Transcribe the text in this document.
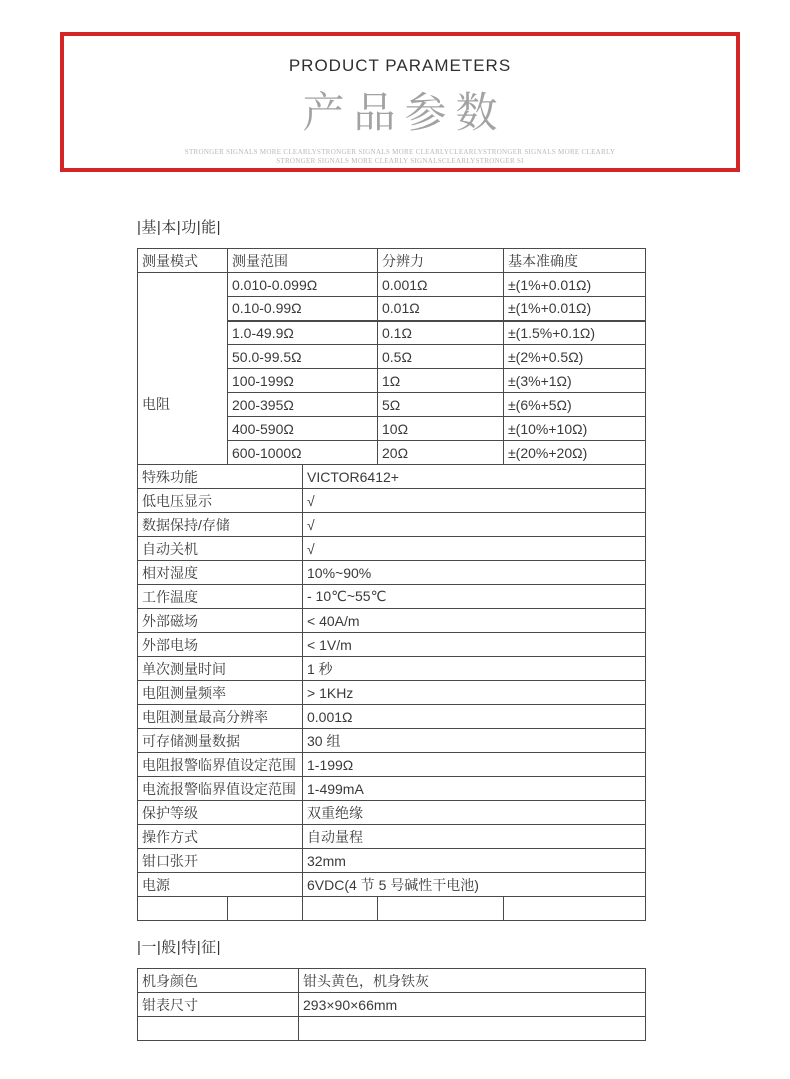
PRODUCT PARAMETERS
产品参数
STRONGER SIGNALS MORE CLEARLYSTRONGER SIGNALS MORE CLEARLYCLEARLYSTRONGER SIGNALS MORE CLEARLY
STRONGER SIGNALS MORE CLEARLY SIGNALSCLEARLYSTRONGER SI
|基|本|功|能|
测量模式	测量范围		分辨力	基本准确度
电阻	0.010-0.099Ω		0.001Ω	±(1%+0.01Ω)
	0.10-0.99Ω		0.01Ω	±(1%+0.01Ω)
	1.0-49.9Ω		0.1Ω	±(1.5%+0.1Ω)
	50.0-99.5Ω		0.5Ω	±(2%+0.5Ω)
	100-199Ω		1Ω	±(3%+1Ω)
	200-395Ω		5Ω	±(6%+5Ω)
	400-590Ω		10Ω	±(10%+10Ω)
	600-1000Ω		20Ω	±(20%+20Ω)
特殊功能		VICTOR6412+		
低电压显示		√		
数据保持/存储		√		
自动关机		√		
相对湿度		10%~90%		
工作温度		- 10℃~55℃		
外部磁场		< 40A/m		
外部电场		< 1V/m		
单次测量时间		1 秒		
电阻测量频率		> 1KHz		
电阻测量最高分辨率		0.001Ω		
可存储测量数据		30 组		
电阻报警临界值设定范围		1-199Ω		
电流报警临界值设定范围		1-499mA		
保护等级		双重绝缘		
操作方式		自动量程		
钳口张开		32mm		
电源		6VDC(4 节 5 号碱性干电池)		

|一|般|特|征|
机身颜色	钳头黄色，机身铁灰
钳表尺寸	293×90×66mm
